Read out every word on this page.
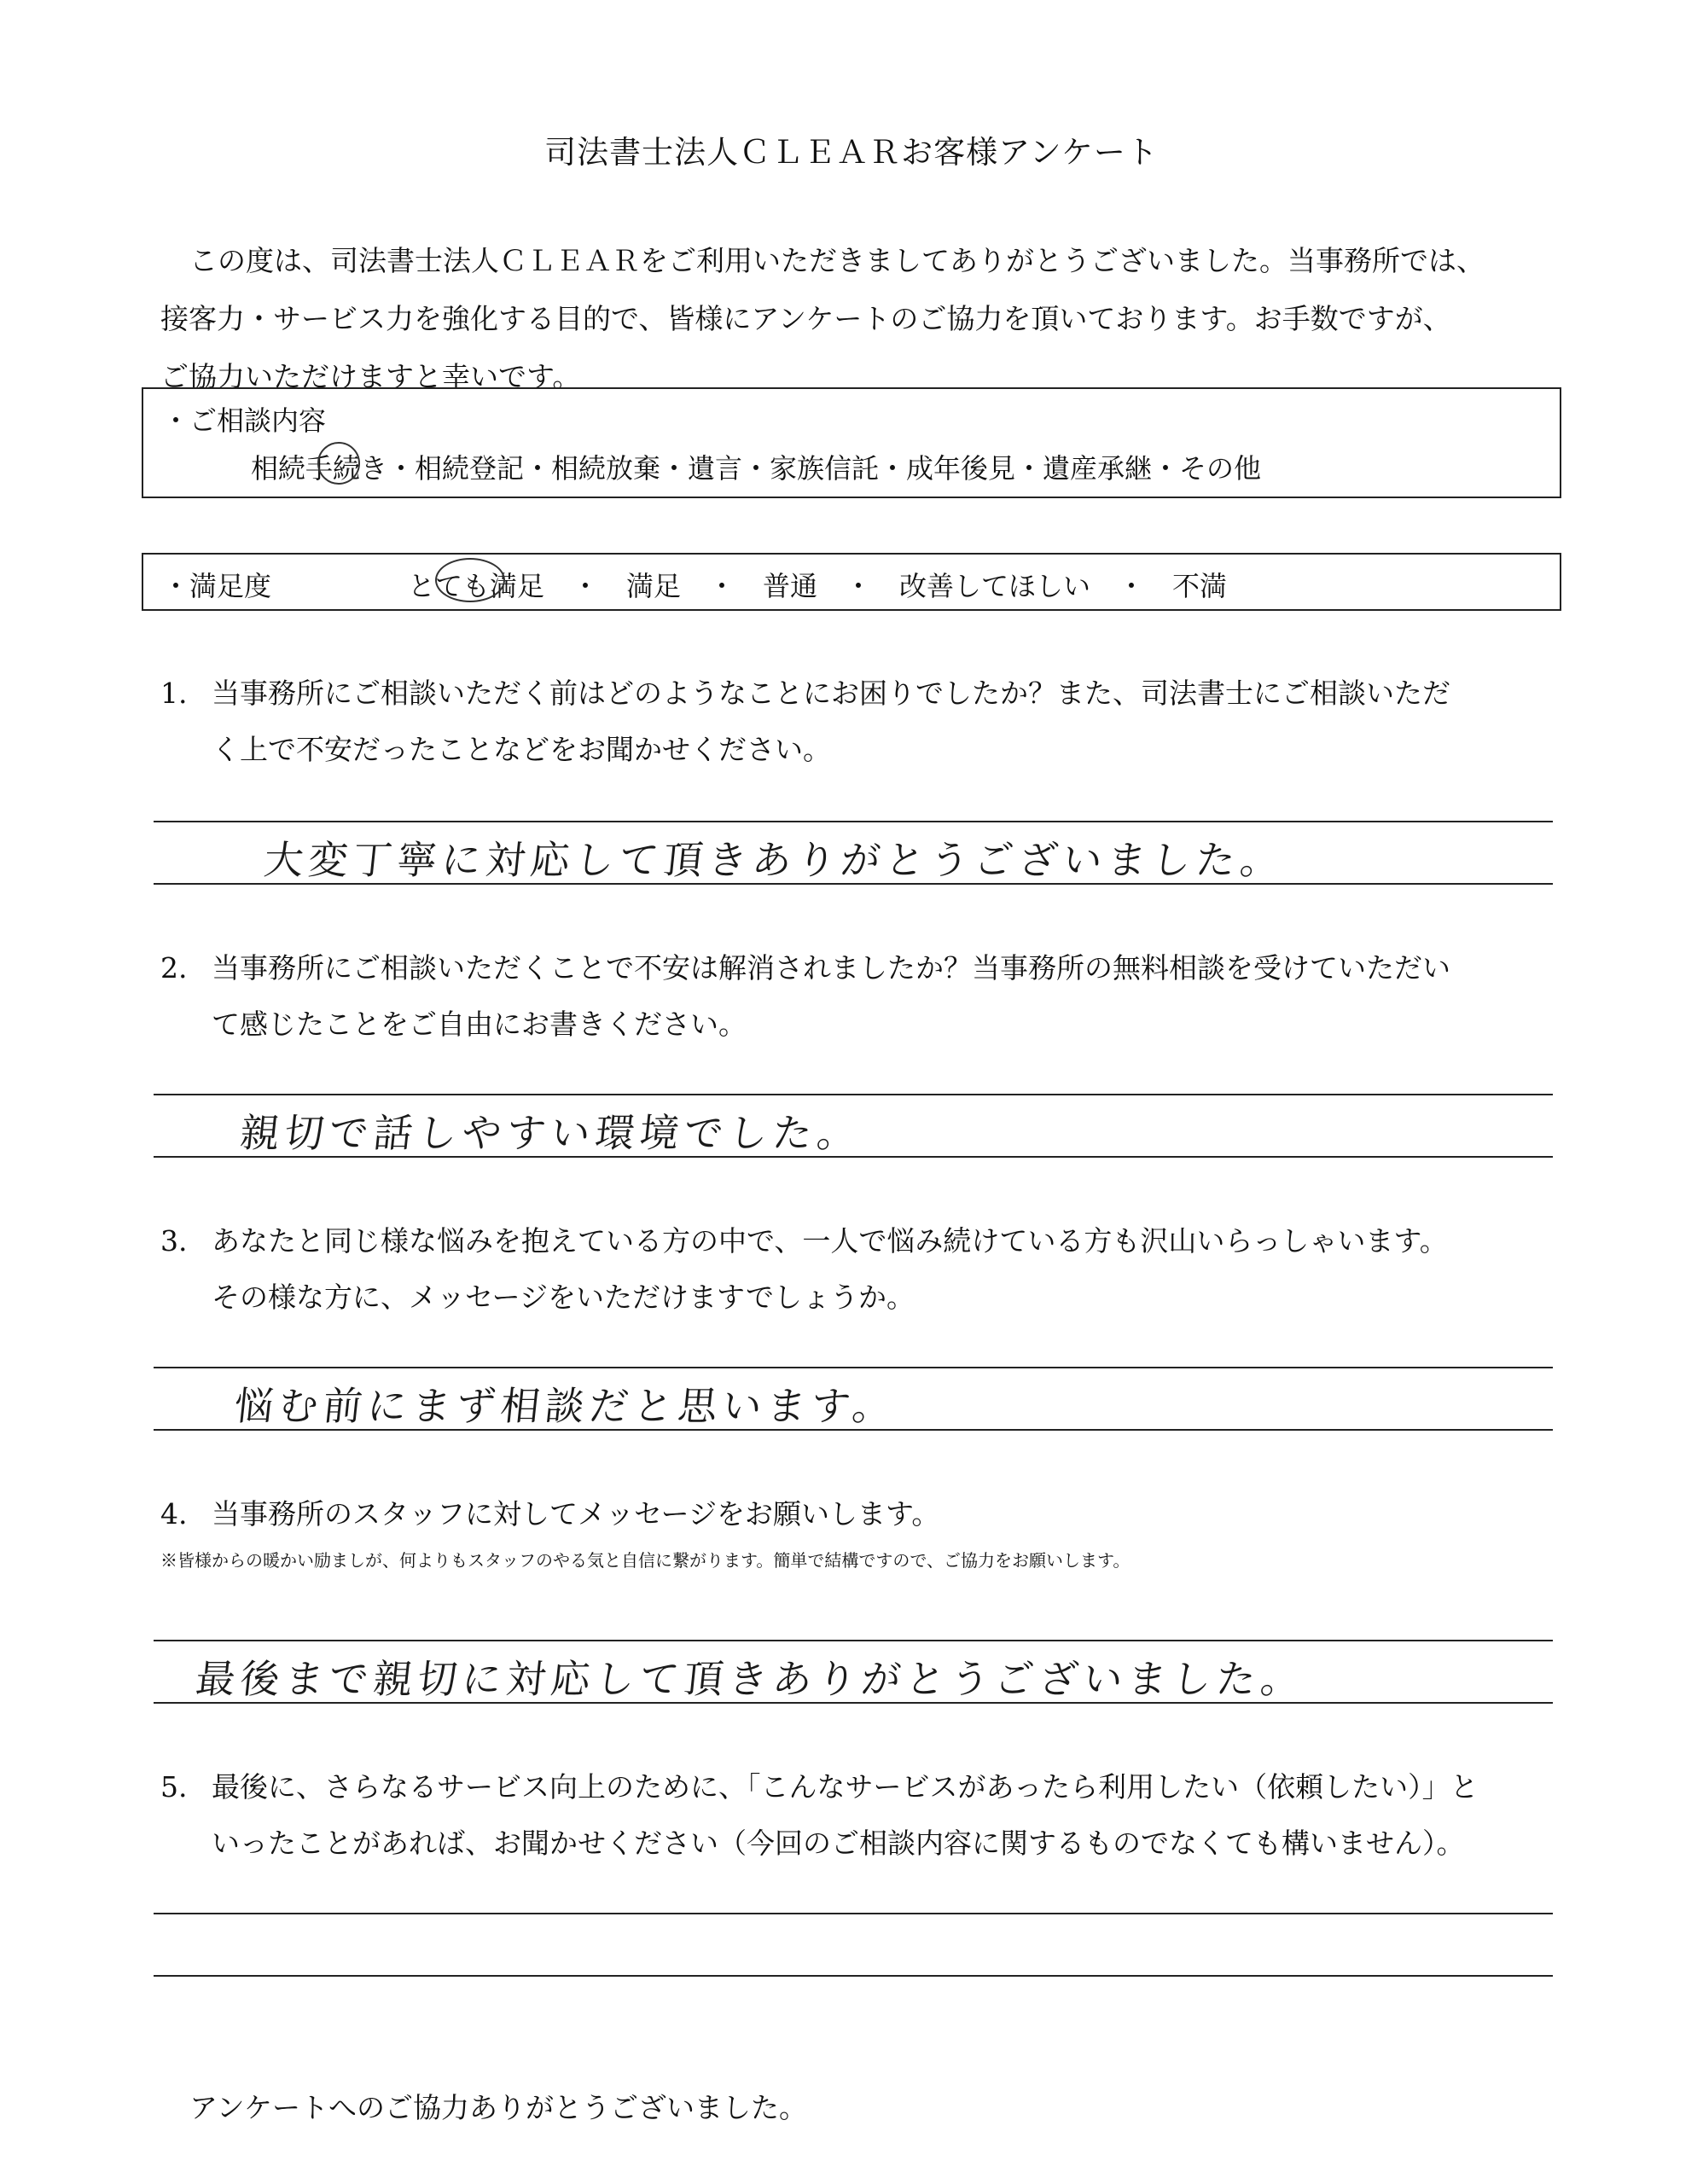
司法書士法人ＣＬＥＡＲお客様アンケート

この度は、司法書士法人ＣＬＥＡＲをご利用いただきましてありがとうございました。当事務所では、

接客力・サービス力を強化する目的で、皆様にアンケートのご協力を頂いております。お手数ですが、

ご協力いただけますと幸いです。

・ご相談内容
相続手続き・相続登記・相続放棄・遺言・家族信託・成年後見・遺産承継・その他
・満足度	とても満足　・　満足　・　普通　・　改善してほしい　・　不満
1. 当事務所にご相談いただく前はどのようなことにお困りでしたか？また、司法書士にご相談いただ
く上で不安だったことなどをお聞かせください。
大変丁寧に対応して頂きありがとうございました。
2. 当事務所にご相談いただくことで不安は解消されましたか？当事務所の無料相談を受けていただい
て感じたことをご自由にお書きください。
親切で話しやすい環境でした。
3. あなたと同じ様な悩みを抱えている方の中で、一人で悩み続けている方も沢山いらっしゃいます。
その様な方に、メッセージをいただけますでしょうか。
悩む前にまず相談だと思います。
4. 当事務所のスタッフに対してメッセージをお願いします。
※皆様からの暖かい励ましが、何よりもスタッフのやる気と自信に繋がります。簡単で結構ですので、ご協力をお願いします。
最後まで親切に対応して頂きありがとうございました。
5. 最後に、さらなるサービス向上のために、「こんなサービスがあったら利用したい（依頼したい）」と
いったことがあれば、お聞かせください（今回のご相談内容に関するものでなくても構いません）。
アンケートへのご協力ありがとうございました。
